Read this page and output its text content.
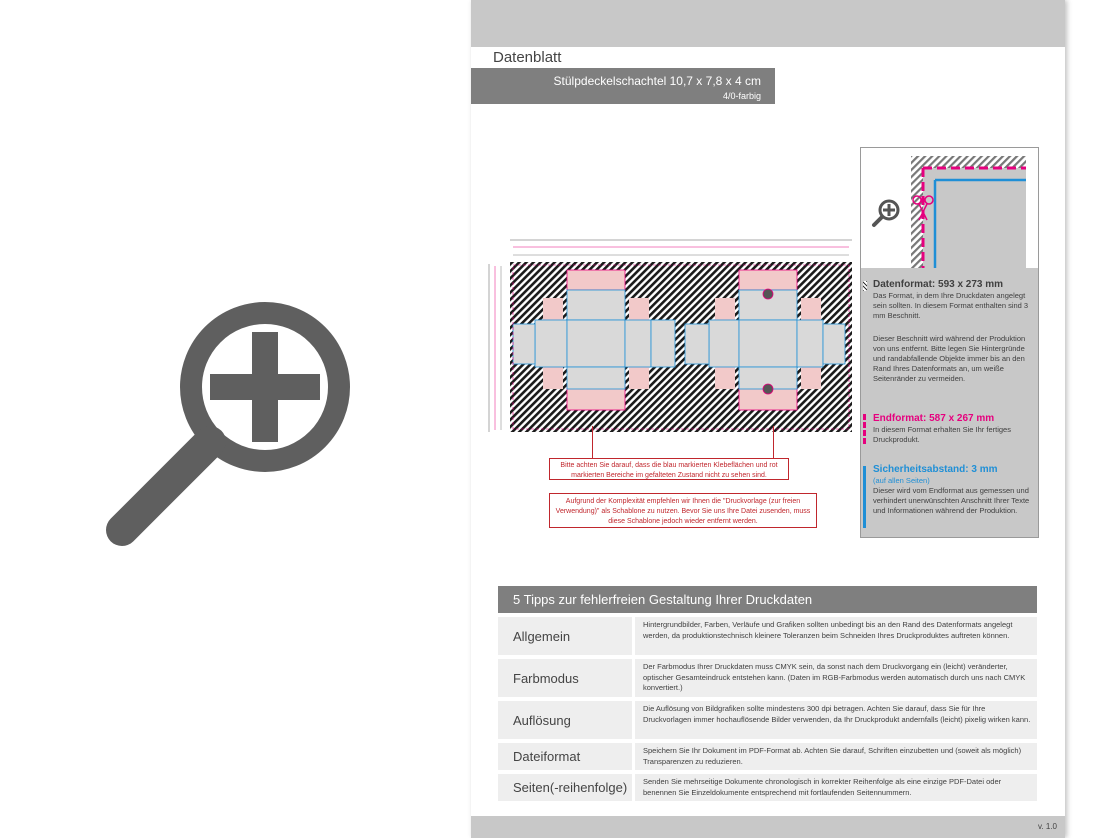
Datenblatt
Stülpdeckelschachtel 10,7 x 7,8 x 4 cm
4/0-farbig
Bitte achten Sie darauf, dass die blau markierten Klebeflächen und rot markierten Bereiche im gefalteten Zustand nicht zu sehen sind.
Aufgrund der Komplexität empfehlen wir Ihnen die "Druckvorlage (zur freien Verwendung)" als Schablone zu nutzen. Bevor Sie uns Ihre Datei zusenden, muss diese Schablone jedoch wieder entfernt werden.
Datenformat: 593 x 273 mm
Das Format, in dem Ihre Druckdaten angelegt sein sollten. In diesem Format enthalten sind 3 mm Beschnitt.
Dieser Beschnitt wird während der Produktion von uns entfernt. Bitte legen Sie Hintergründe und randabfallende Objekte immer bis an den Rand Ihres Datenformats an, um weiße Seitenränder zu vermeiden.
Endformat: 587 x 267 mm
In diesem Format erhalten Sie Ihr fertiges Druckprodukt.
Sicherheitsabstand: 3 mm
(auf allen Seiten)
Dieser wird vom Endformat aus gemessen und verhindert unerwünschten Anschnitt Ihrer Texte und Informationen während der Produktion.
5 Tipps zur fehlerfreien Gestaltung Ihrer Druckdaten
Allgemein
Hintergrundbilder, Farben, Verläufe und Grafiken sollten unbedingt bis an den Rand des Datenformats angelegt werden, da produktionstechnisch kleinere Toleranzen beim Schneiden Ihres Druckproduktes auftreten können.
Farbmodus
Der Farbmodus Ihrer Druckdaten muss CMYK sein, da sonst nach dem Druckvorgang ein (leicht) veränderter, optischer Gesamteindruck entstehen kann. (Daten im RGB-Farbmodus werden automatisch durch uns nach CMYK konvertiert.)
Auflösung
Die Auflösung von Bildgrafiken sollte mindestens 300 dpi betragen. Achten Sie darauf, dass Sie für Ihre Druckvorlagen immer hochauflösende Bilder verwenden, da Ihr Druckprodukt andernfalls (leicht) pixelig wirken kann.
Dateiformat	Speichern Sie Ihr Dokument im PDF-Format ab. Achten Sie darauf, Schriften einzubetten und (soweit als möglich) Transparenzen zu reduzieren.
Seiten(-reihenfolge)	Senden Sie mehrseitige Dokumente chronologisch in korrekter Reihenfolge als eine einzige PDF-Datei oder benennen Sie Einzeldokumente entsprechend mit fortlaufenden Seitennummern.
v. 1.0
